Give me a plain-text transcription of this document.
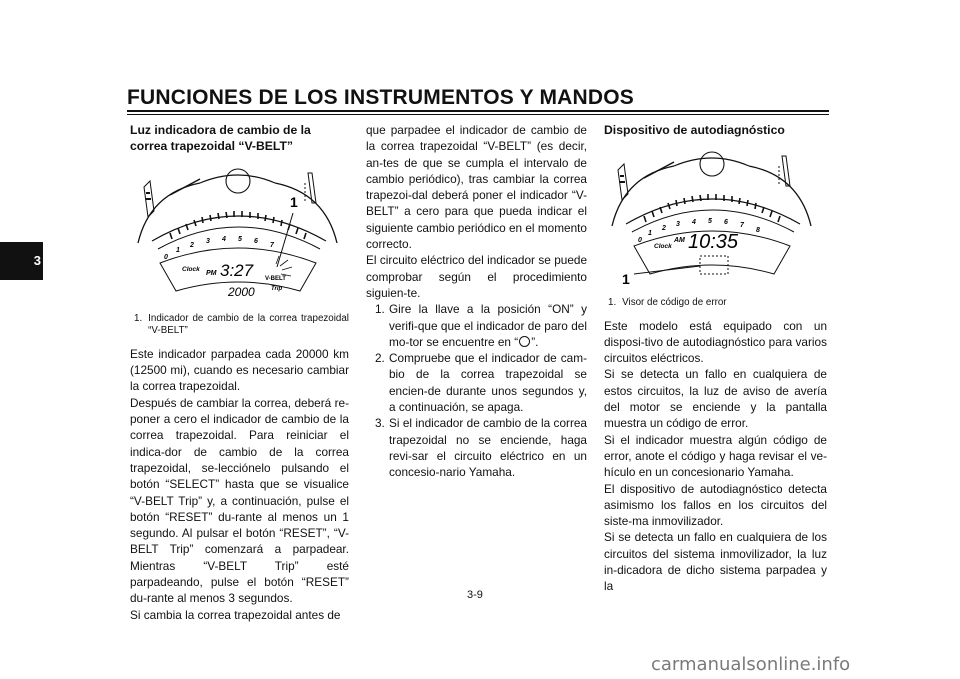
FUNCIONES DE LOS INSTRUMENTOS Y MANDOS
3
Luz indicadora de cambio de la correa trapezoidal “V-BELT”
0
1
2
3 4 5 6
7
Clock
PM 3:27
2000
V-BELT
Trip
1
1. Indicador de cambio de la correa trapezoidal “V-BELT”

Este indicador parpadea cada 20000 km (12500 mi), cuando es necesario cambiar la correa trapezoidal.

Después de cambiar la correa, deberá re-poner a cero el indicador de cambio de la correa trapezoidal. Para reiniciar el indica-dor de cambio de la correa trapezoidal, se-lecciónelo pulsando el botón “SELECT” hasta que se visualice “V-BELT Trip” y, a continuación, pulse el botón “RESET” du-rante al menos un 1 segundo. Al pulsar el botón “RESET”, “V-BELT Trip” comenzará a parpadear. Mientras “V-BELT Trip” esté parpadeando, pulse el botón “RESET” du-rante al menos 3 segundos.

Si cambia la correa trapezoidal antes de

que parpadee el indicador de cambio de la correa trapezoidal “V-BELT” (es decir, an-tes de que se cumpla el intervalo de cambio periódico), tras cambiar la correa trapezoi-dal deberá poner el indicador “V-BELT” a cero para que pueda indicar el siguiente cambio periódico en el momento correcto.

El circuito eléctrico del indicador se puede comprobar según el procedimiento siguien-te.

1. Gire la llave a la posición “ON” y verifi-que que el indicador de paro del mo-tor se encuentre en “ ”.
2. Compruebe que el indicador de cam-bio de la correa trapezoidal se encien-de durante unos segundos y, a continuación, se apaga.
3. Si el indicador de cambio de la correa trapezoidal no se enciende, haga revi-sar el circuito eléctrico en un concesio-nario Yamaha.
Dispositivo de autodiagnóstico
0
1
2
3 4 5 6 7
8
Clock
AM 10:35
1
1. Visor de código de error

Este modelo está equipado con un disposi-tivo de autodiagnóstico para varios circuitos eléctricos.

Si se detecta un fallo en cualquiera de estos circuitos, la luz de aviso de avería del motor se enciende y la pantalla muestra un código de error.

Si el indicador muestra algún código de error, anote el código y haga revisar el ve-hículo en un concesionario Yamaha.

El dispositivo de autodiagnóstico detecta asimismo los fallos en los circuitos del siste-ma inmovilizador.

Si se detecta un fallo en cualquiera de los circuitos del sistema inmovilizador, la luz in-dicadora de dicho sistema parpadea y la

3-9
carmanualsonline.info
